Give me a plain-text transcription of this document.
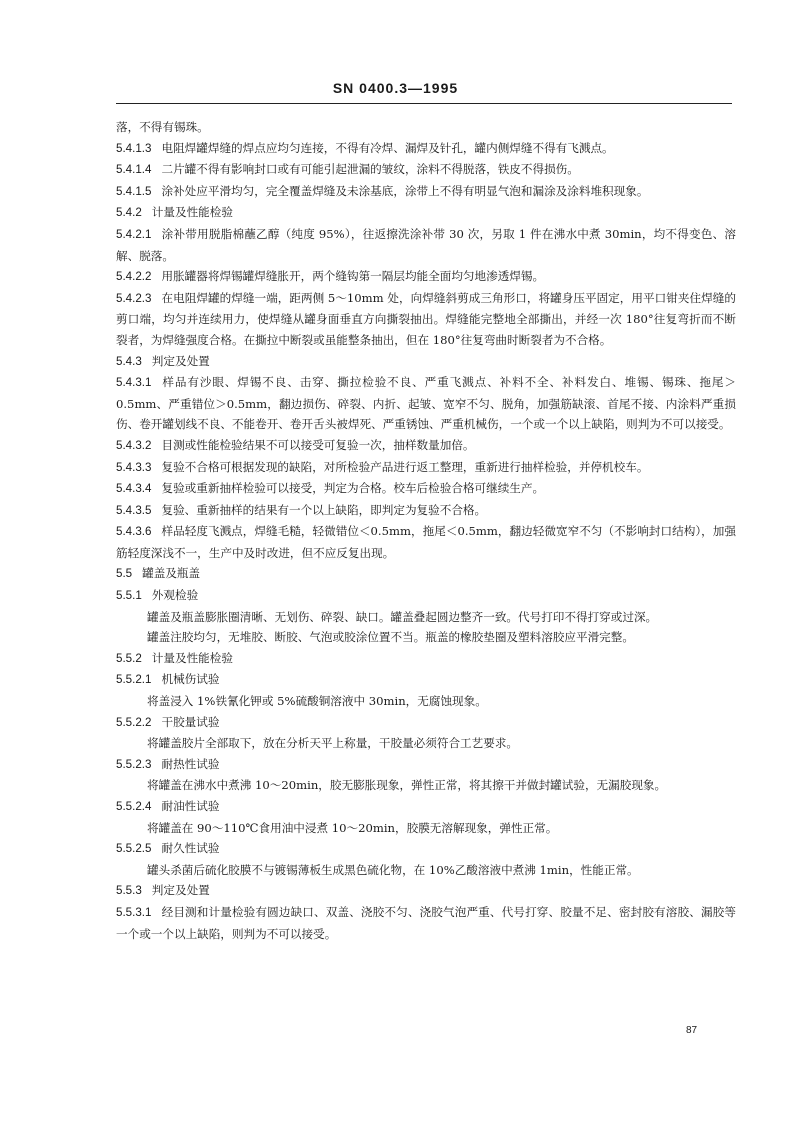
SN 0400.3—1995

落，不得有锡珠。

5.4.1.3 电阻焊罐焊缝的焊点应均匀连接，不得有冷焊、漏焊及针孔，罐内侧焊缝不得有飞溅点。

5.4.1.4 二片罐不得有影响封口或有可能引起泄漏的皱纹，涂料不得脱落，铁皮不得损伤。

5.4.1.5 涂补处应平滑均匀，完全覆盖焊缝及未涂基底，涂带上不得有明显气泡和漏涂及涂料堆积现象。

5.4.2 计量及性能检验

5.4.2.1 涂补带用脱脂棉蘸乙醇（纯度 95%），往返擦洗涂补带 30 次，另取 1 件在沸水中煮 30min，均不得变色、溶解、脱落。

5.4.2.2 用胀罐器将焊锡罐焊缝胀开，两个缝钩第一隔层均能全面均匀地渗透焊锡。

5.4.2.3 在电阻焊罐的焊缝一端，距两侧 5～10mm 处，向焊缝斜剪成三角形口，将罐身压平固定，用平口钳夹住焊缝的剪口端，均匀并连续用力，使焊缝从罐身面垂直方向撕裂抽出。焊缝能完整地全部撕出，并经一次 180°往复弯折而不断裂者，为焊缝强度合格。在撕拉中断裂或虽能整条抽出，但在 180°往复弯曲时断裂者为不合格。

5.4.3 判定及处置

5.4.3.1 样品有沙眼、焊锡不良、击穿、撕拉检验不良、严重飞溅点、补料不全、补料发白、堆锡、锡珠、拖尾＞0.5mm、严重错位＞0.5mm，翻边损伤、碎裂、内折、起皱、宽窄不匀、脱角，加强筋缺滚、首尾不接、内涂料严重损伤、卷开罐划线不良、不能卷开、卷开舌头被焊死、严重锈蚀、严重机械伤，一个或一个以上缺陷，则判为不可以接受。

5.4.3.2 目测或性能检验结果不可以接受可复验一次，抽样数量加倍。

5.4.3.3 复验不合格可根据发现的缺陷，对所检验产品进行返工整理，重新进行抽样检验，并停机校车。

5.4.3.4 复验或重新抽样检验可以接受，判定为合格。校车后检验合格可继续生产。

5.4.3.5 复验、重新抽样的结果有一个以上缺陷，即判定为复验不合格。

5.4.3.6 样品轻度飞溅点，焊缝毛糙，轻微错位＜0.5mm，拖尾＜0.5mm，翻边轻微宽窄不匀（不影响封口结构），加强筋轻度深浅不一，生产中及时改进，但不应反复出现。

5.5 罐盖及瓶盖

5.5.1 外观检验

罐盖及瓶盖膨胀圈清晰、无划伤、碎裂、缺口。罐盖叠起圆边整齐一致。代号打印不得打穿或过深。

罐盖注胶均匀，无堆胶、断胶、气泡或胶涂位置不当。瓶盖的橡胶垫圈及塑料溶胶应平滑完整。

5.5.2 计量及性能检验

5.5.2.1 机械伤试验

将盖浸入 1%铁氰化钾或 5%硫酸铜溶液中 30min，无腐蚀现象。

5.5.2.2 干胶量试验

将罐盖胶片全部取下，放在分析天平上称量，干胶量必须符合工艺要求。

5.5.2.3 耐热性试验

将罐盖在沸水中煮沸 10～20min，胶无膨胀现象，弹性正常，将其擦干并做封罐试验，无漏胶现象。

5.5.2.4 耐油性试验

将罐盖在 90～110℃食用油中浸煮 10～20min，胶膜无溶解现象，弹性正常。

5.5.2.5 耐久性试验

罐头杀菌后硫化胶膜不与镀锡薄板生成黑色硫化物，在 10%乙酸溶液中煮沸 1min，性能正常。

5.5.3 判定及处置

5.5.3.1 经目测和计量检验有圆边缺口、双盖、浇胶不匀、浇胶气泡严重、代号打穿、胶量不足、密封胶有溶胶、漏胶等一个或一个以上缺陷，则判为不可以接受。

87
